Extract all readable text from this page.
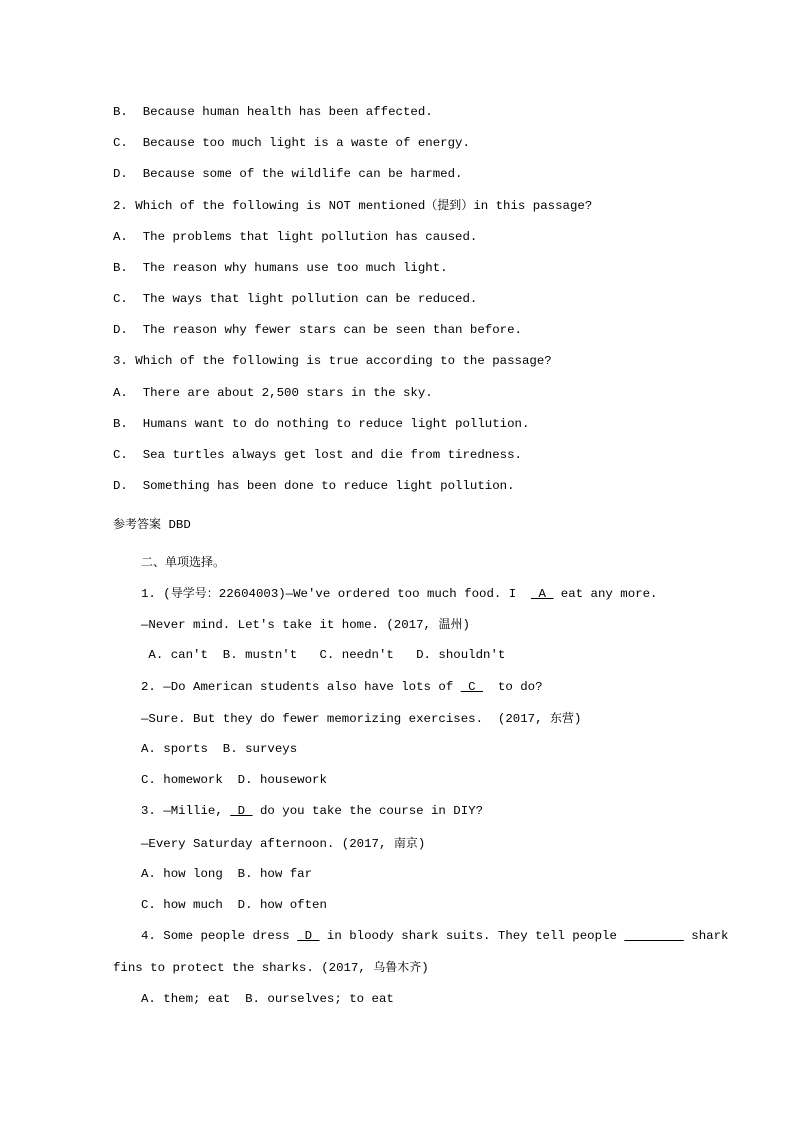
B.  Because human health has been affected.
C.  Because too much light is a waste of energy.
D.  Because some of the wildlife can be harmed.
2. Which of the following is NOT mentioned（提到）in this passage?
A.  The problems that light pollution has caused.
B.  The reason why humans use too much light.
C.  The ways that light pollution can be reduced.
D.  The reason why fewer stars can be seen than before.
3. Which of the following is true according to the passage?
A.  There are about 2,500 stars in the sky.
B.  Humans want to do nothing to reduce light pollution.
C.  Sea turtles always get lost and die from tiredness.
D.  Something has been done to reduce light pollution.
参考答案 DBD
二、单项选择。
1. (导学号：22604003)—We've ordered too much food. I   A  eat any more.
—Never mind. Let's take it home. (2017, 温州)
A. can't  B. mustn't   C. needn't   D. shouldn't
2. —Do American students also have lots of  C   to do?
—Sure. But they do fewer memorizing exercises.  (2017, 东营)
A. sports  B. surveys
C. homework  D. housework
3. —Millie,  D  do you take the course in DIY?
—Every Saturday afternoon. (2017, 南京)
A. how long  B. how far
C. how much  D. how often
4. Some people dress  D  in bloody shark suits. They tell people	shark
fins to protect the sharks. (2017, 乌鲁木齐)
A. them; eat  B. ourselves; to eat
